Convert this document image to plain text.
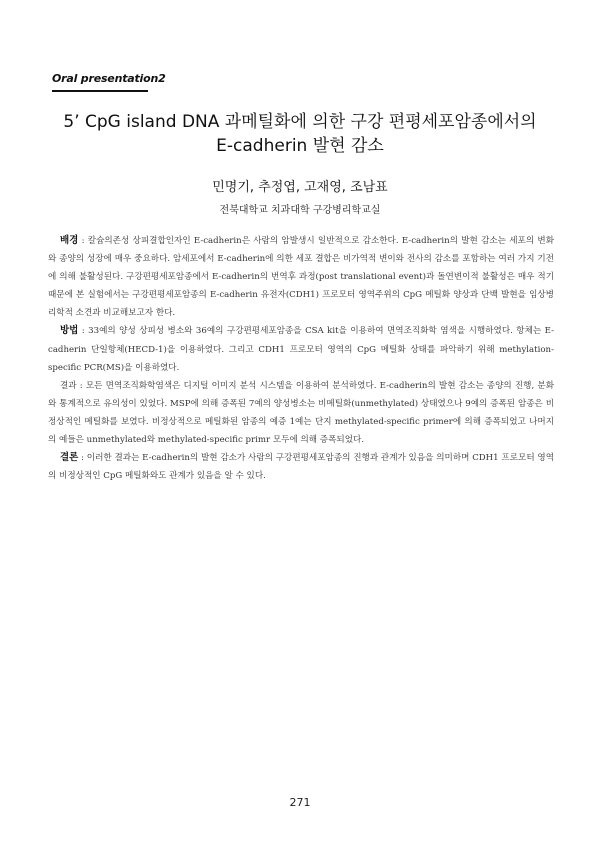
Oral presentation2
5’ CpG island DNA 과메틸화에 의한 구강 편평세포암종에서의
E-cadherin 발현 감소
민명기, 추정엽, 고재영, 조남표
전북대학교 치과대학 구강병리학교실

배경 : 칼슘의존성 상피결합인자인 E-cadherin은 사람의 암발생시 일반적으로 감소한다. E-cadherin의 발현 감소는 세포의 변화와 종양의 성장에 매우 중요하다. 암세포에서 E-cadherin에 의한 세포 결합은 비가역적 변이와 전사의 감소를 포함하는 여러 가지 기전에 의해 불활성된다. 구강편평세포암종에서 E-cadherin의 번역후 과정(post translational event)과 돌연변이적 불활성은 매우 적기 때문에 본 실험에서는 구강편평세포암종의 E-cadherin 유전자(CDH1) 프로모터 영역주위의 CpG 메틸화 양상과 단백 발현을 임상병리학적 소견과 비교해보고자 한다.

방법 : 33예의 양성 상피성 병소와 36예의 구강편평세포암종을 CSA kit을 이용하여 면역조직화학 염색을 시행하였다. 항체는 E-cadherin 단일항체(HECD-1)을 이용하였다. 그리고 CDH1 프로모터 영역의 CpG 메틸화 상태를 파악하기 위해 methylation-specific PCR(MS)을 이용하였다.

결과 : 모든 면역조직화학염색은 디지털 이미지 분석 시스템을 이용하여 분석하였다. E-cadherin의 발현 감소는 종양의 진행, 분화와 통계적으로 유의성이 있었다. MSP에 의해 증폭된 7예의 양성병소는 비메틸화(unmethylated) 상태였으나 9예의 증폭된 암종은 비정상적인 메틸화를 보였다. 비정상적으로 메틸화된 암종의 예증 1예는 단지 methylated-specific primer에 의해 증폭되었고 나머지의 예들은 unmethylated와 methylated-specific primr 모두에 의해 증폭되었다.

결론 : 이러한 결과는 E-cadherin의 발현 감소가 사람의 구강편평세포암종의 진행과 관계가 있음을 의미하며 CDH1 프로모터 영역의 비정상적인 CpG 메틸화와도 관계가 있음을 알 수 있다.

271
